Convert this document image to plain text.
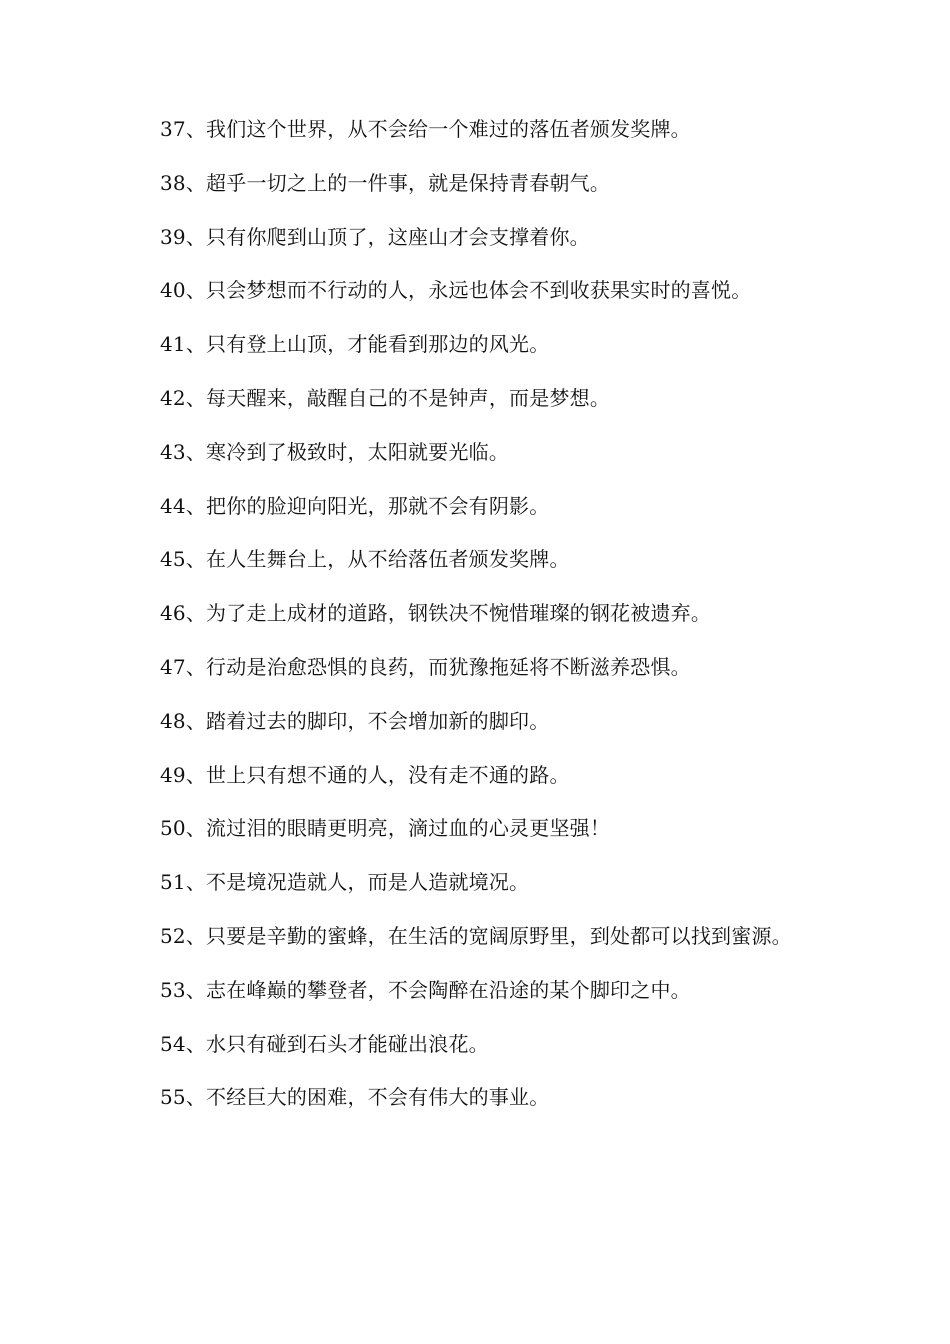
37、我们这个世界，从不会给一个难过的落伍者颁发奖牌。

38、超乎一切之上的一件事，就是保持青春朝气。

39、只有你爬到山顶了，这座山才会支撑着你。

40、只会梦想而不行动的人，永远也体会不到收获果实时的喜悦。

41、只有登上山顶，才能看到那边的风光。

42、每天醒来，敲醒自己的不是钟声，而是梦想。

43、寒冷到了极致时，太阳就要光临。

44、把你的脸迎向阳光，那就不会有阴影。

45、在人生舞台上，从不给落伍者颁发奖牌。

46、为了走上成材的道路，钢铁决不惋惜璀璨的钢花被遗弃。

47、行动是治愈恐惧的良药，而犹豫拖延将不断滋养恐惧。

48、踏着过去的脚印，不会增加新的脚印。

49、世上只有想不通的人，没有走不通的路。

50、流过泪的眼睛更明亮，滴过血的心灵更坚强！

51、不是境况造就人，而是人造就境况。

52、只要是辛勤的蜜蜂，在生活的宽阔原野里，到处都可以找到蜜源。

53、志在峰巅的攀登者，不会陶醉在沿途的某个脚印之中。

54、水只有碰到石头才能碰出浪花。

55、不经巨大的困难，不会有伟大的事业。
